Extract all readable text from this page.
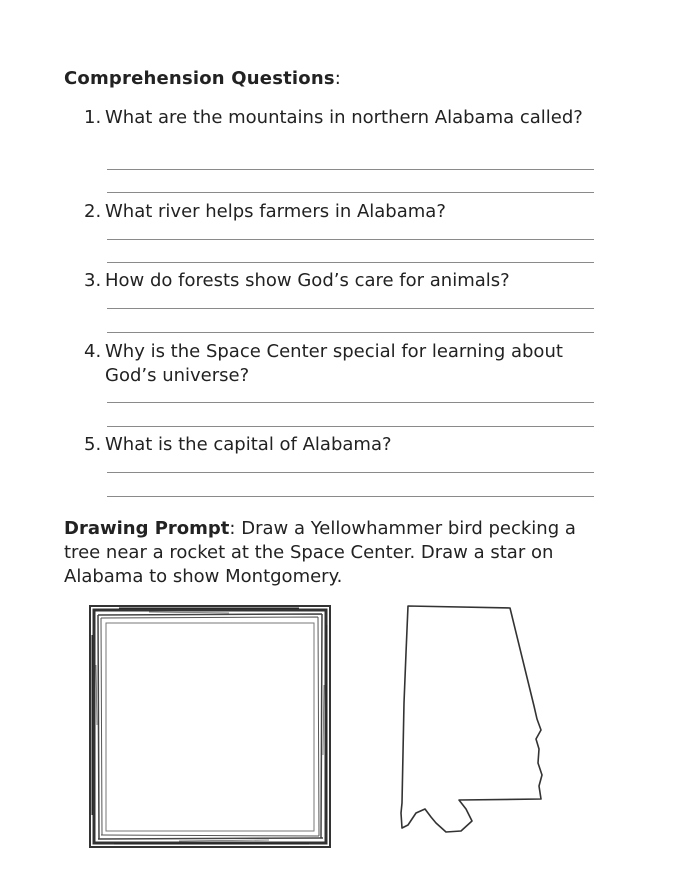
Comprehension Questions:
1. What are the mountains in northern Alabama called?
2. What river helps farmers in Alabama?
3. How do forests show God’s care for animals?
4. Why is the Space Center special for learning about God’s universe?
5. What is the capital of Alabama?
Drawing Prompt: Draw a Yellowhammer bird pecking a tree near a rocket at the Space Center. Draw a star on Alabama to show Montgomery.
